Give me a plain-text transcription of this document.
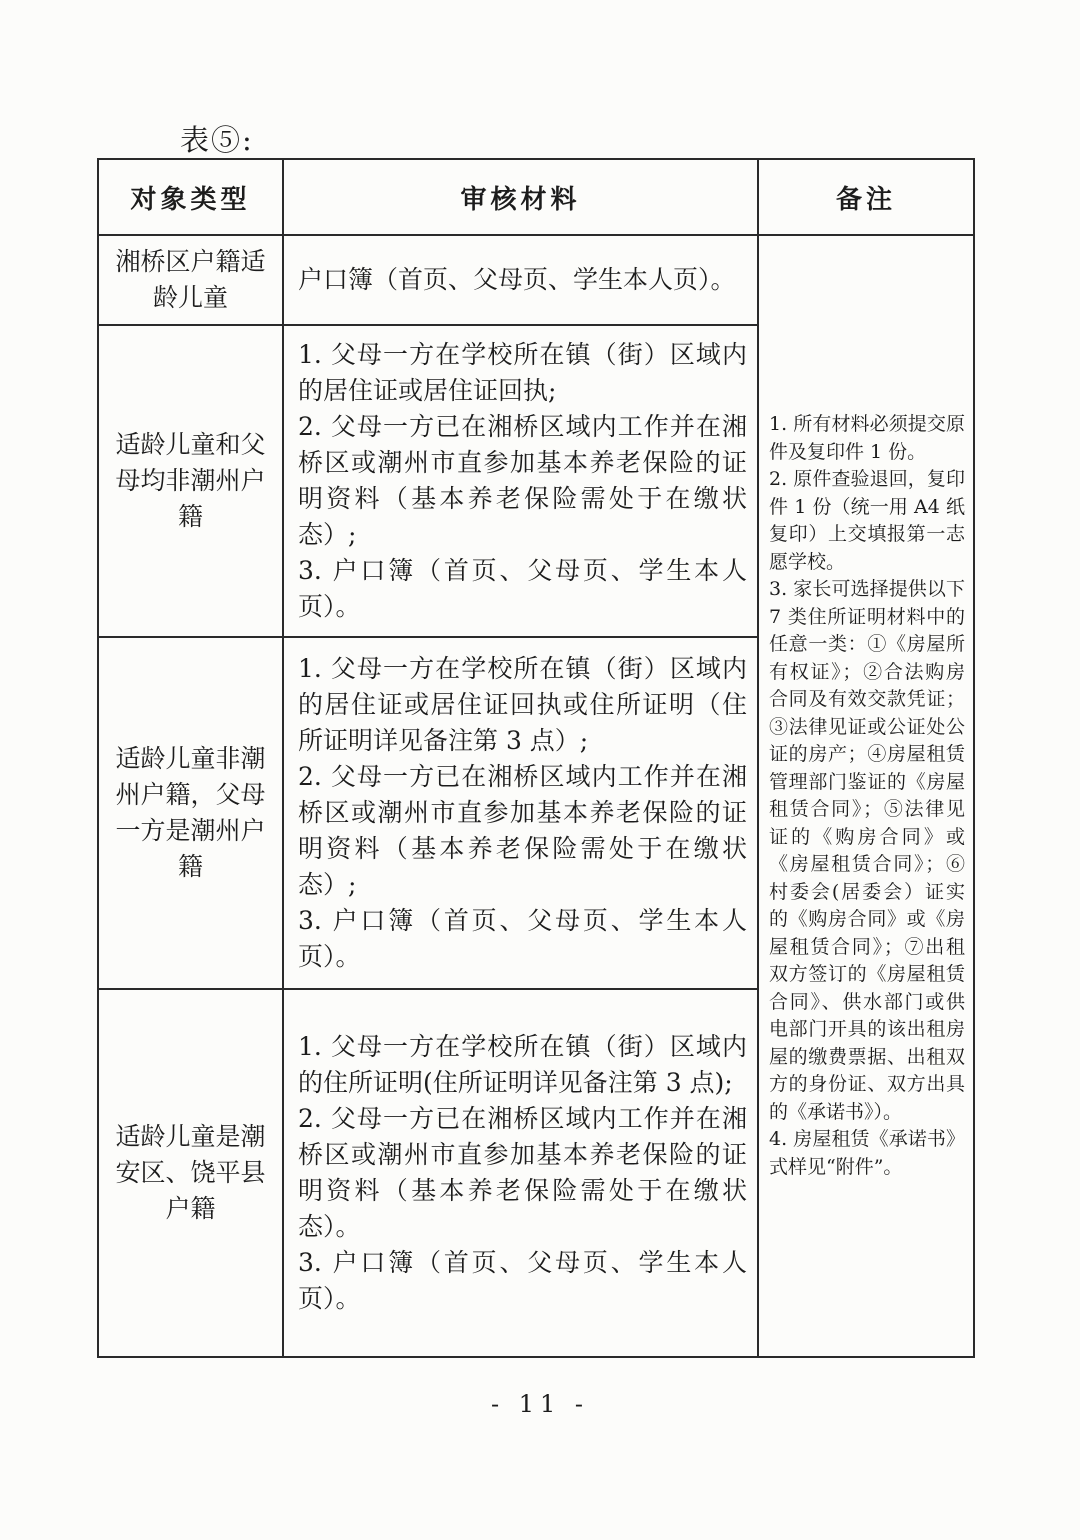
表⑤:
对象类型	审核材料	备注
湘桥区户籍适龄儿童	户口簿（首页、父母页、学生本人页）。	1. 所有材料必须提交原件及复印件 1 份。
2. 原件查验退回，复印件 1 份（统一用 A4 纸复印）上交填报第一志愿学校。
3. 家长可选择提供以下 7 类住所证明材料中的任意一类：①《房屋所有权证》；②合法购房合同及有效交款凭证；③法律见证或公证处公证的房产；④房屋租赁管理部门鉴证的《房屋租赁合同》；⑤法律见证的《购房合同》或《房屋租赁合同》；⑥村委会(居委会）证实的《购房合同》或《房屋租赁合同》；⑦出租双方签订的《房屋租赁合同》、供水部门或供电部门开具的该出租房屋的缴费票据、出租双方的身份证、双方出具的《承诺书》）。
4. 房屋租赁《承诺书》式样见“附件”。

适龄儿童和父母均非潮州户籍	1. 父母一方在学校所在镇（街）区域内的居住证或居住证回执;
2. 父母一方已在湘桥区域内工作并在湘桥区或潮州市直参加基本养老保险的证明资料（基本养老保险需处于在缴状态）;
3. 户口簿（首页、父母页、学生本人页）。	

适龄儿童非潮州户籍，父母一方是潮州户籍	1. 父母一方在学校所在镇（街）区域内的居住证或居住证回执或住所证明（住所证明详见备注第 3 点）;
2. 父母一方已在湘桥区域内工作并在湘桥区或潮州市直参加基本养老保险的证明资料（基本养老保险需处于在缴状态）;
3. 户口簿（首页、父母页、学生本人页）。	

适龄儿童是潮安区、饶平县户籍	1. 父母一方在学校所在镇（街）区域内的住所证明(住所证明详见备注第 3 点);
2. 父母一方已在湘桥区域内工作并在湘桥区或潮州市直参加基本养老保险的证明资料（基本养老保险需处于在缴状态）。
3. 户口簿（首页、父母页、学生本人页）。	
- 11 -
